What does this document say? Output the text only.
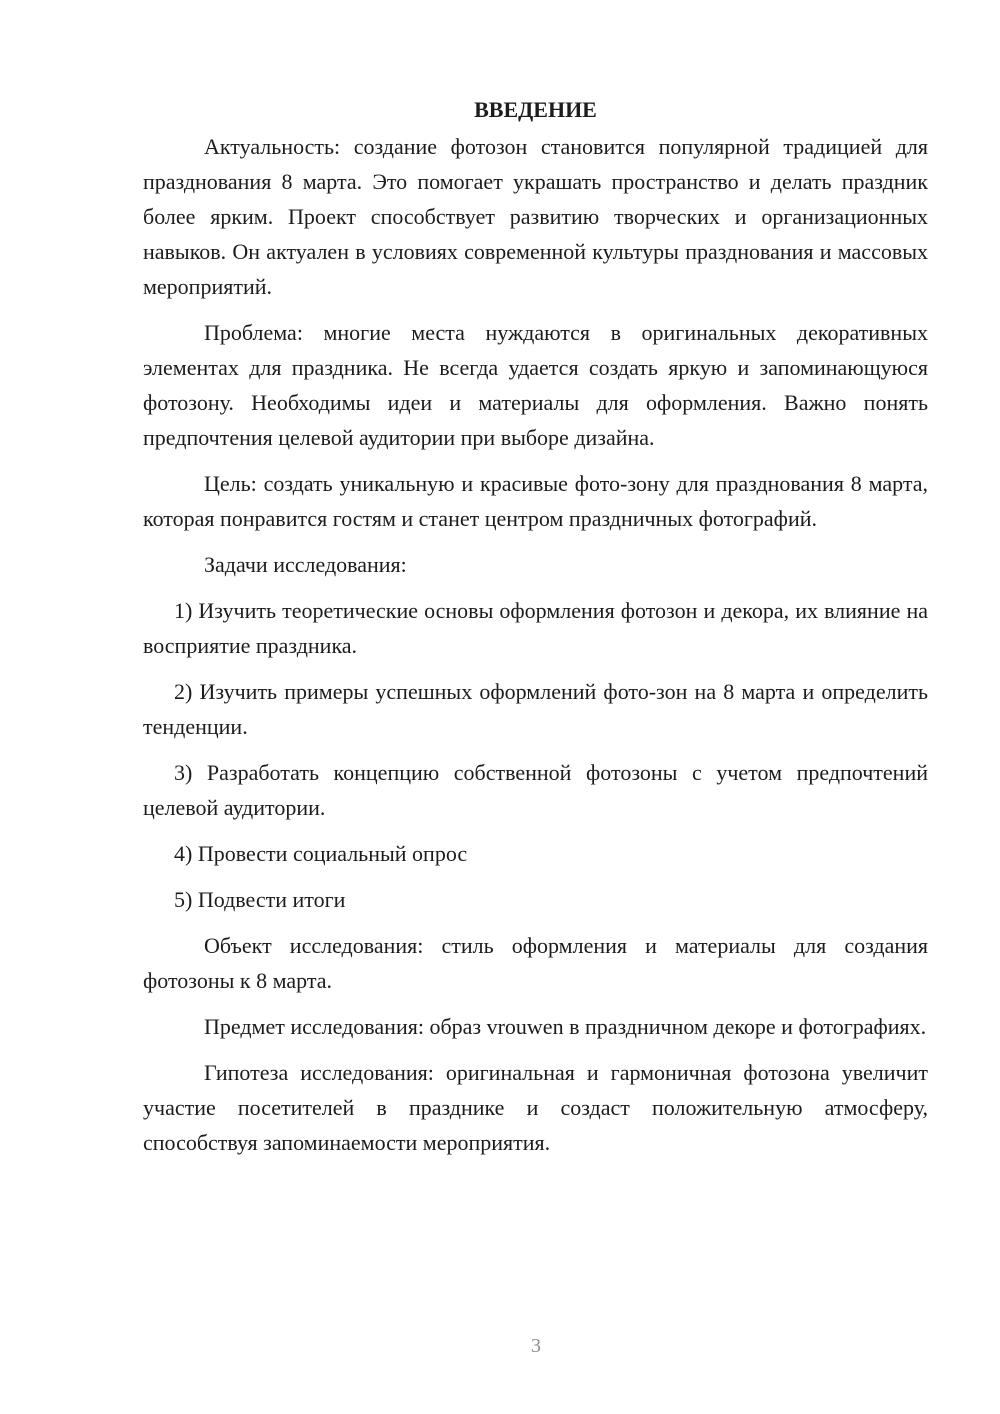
ВВЕДЕНИЕ

Актуальность: создание фотозон становится популярной традицией для празднования 8 марта. Это помогает украшать пространство и делать праздник более ярким. Проект способствует развитию творческих и организационных навыков. Он актуален в условиях современной культуры празднования и массовых мероприятий.

Проблема: многие места нуждаются в оригинальных декоративных элементах для праздника. Не всегда удается создать яркую и запоминающуюся фотозону. Необходимы идеи и материалы для оформления. Важно понять предпочтения целевой аудитории при выборе дизайна.

Цель: создать уникальную и красивые фото-зону для празднования 8 марта, которая понравится гостям и станет центром праздничных фотографий.

Задачи исследования:

1) Изучить теоретические основы оформления фотозон и декора, их влияние на восприятие праздника.

2) Изучить примеры успешных оформлений фото-зон на 8 марта и определить тенденции.

3) Разработать концепцию собственной фотозоны с учетом предпочтений целевой аудитории.

4) Провести социальный опрос

5) Подвести итоги

Объект исследования: стиль оформления и материалы для создания фотозоны к 8 марта.

Предмет исследования: образ vrouwen в праздничном декоре и фотографиях.

Гипотеза исследования: оригинальная и гармоничная фотозона увеличит участие посетителей в празднике и создаст положительную атмосферу, способствуя запоминаемости мероприятия.

3
